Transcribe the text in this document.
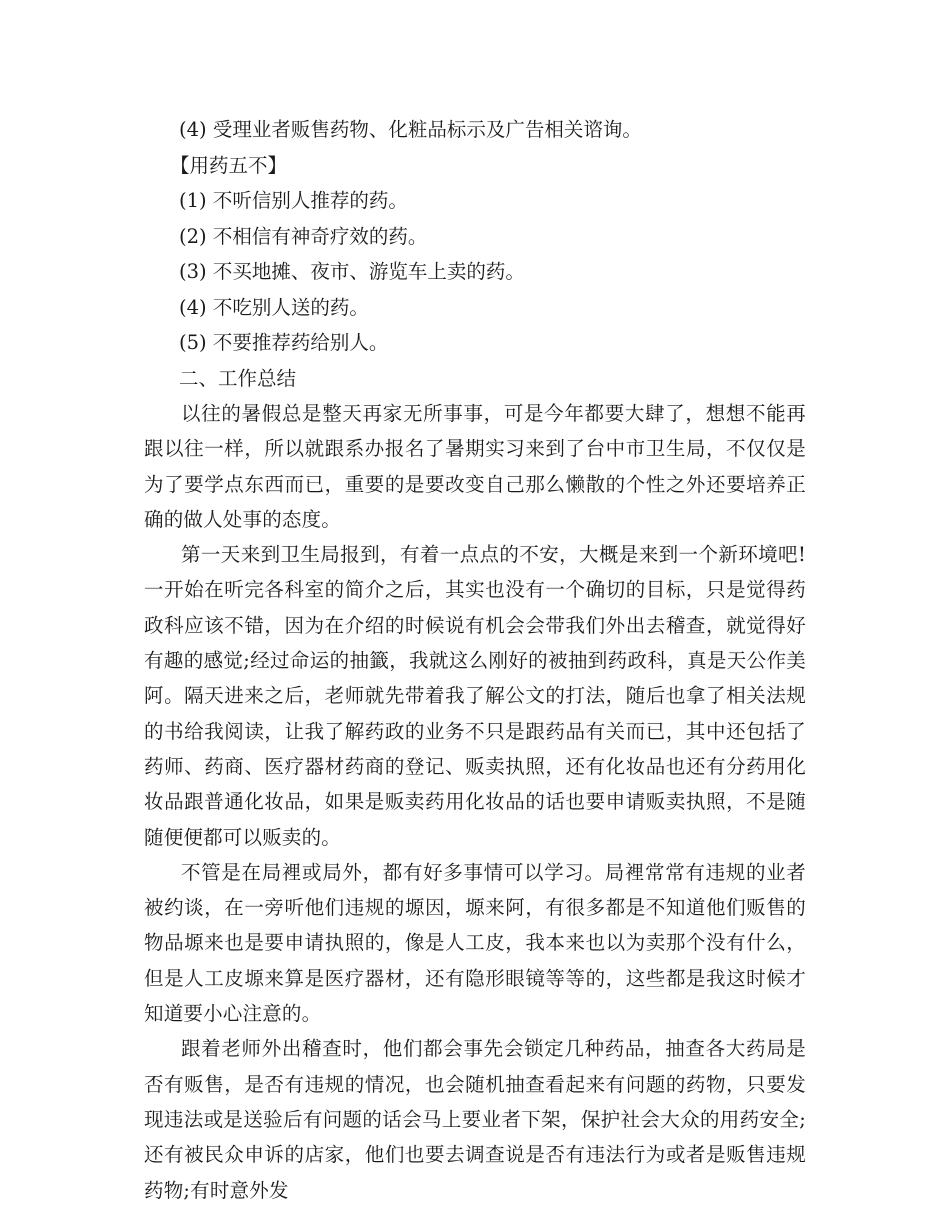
(4) 受理业者贩售药物、化粧品标示及广告相关谘询。

【用药五不】

(1) 不听信别人推荐的药。

(2) 不相信有神奇疗效的药。

(3) 不买地摊、夜市、游览车上卖的药。

(4) 不吃别人送的药。

(5) 不要推荐药给别人。

二、工作总结

以往的暑假总是整天再家无所事事，可是今年都要大肆了，想想不能再跟以往一样，所以就跟系办报名了暑期实习来到了台中市卫生局，不仅仅是为了要学点东西而已，重要的是要改变自己那么懒散的个性之外还要培养正确的做人处事的态度。

第一天来到卫生局报到，有着一点点的不安，大概是来到一个新环境吧!一开始在听完各科室的简介之后，其实也没有一个确切的目标，只是觉得药政科应该不错，因为在介绍的时候说有机会会带我们外出去稽查，就觉得好有趣的感觉;经过命运的抽籤，我就这么刚好的被抽到药政科，真是天公作美阿。隔天进来之后，老师就先带着我了解公文的打法，随后也拿了相关法规的书给我阅读，让我了解药政的业务不只是跟药品有关而已，其中还包括了药师、药商、医疗器材药商的登记、贩卖执照，还有化妆品也还有分药用化妆品跟普通化妆品，如果是贩卖药用化妆品的话也要申请贩卖执照，不是随随便便都可以贩卖的。

不管是在局裡或局外，都有好多事情可以学习。局裡常常有违规的业者被约谈，在一旁听他们违规的塬因，塬来阿，有很多都是不知道他们贩售的物品塬来也是要申请执照的，像是人工皮，我本来也以为卖那个没有什么，但是人工皮塬来算是医疗器材，还有隐形眼镜等等的，这些都是我这时候才知道要小心注意的。

跟着老师外出稽查时，他们都会事先会锁定几种药品，抽查各大药局是否有贩售，是否有违规的情况，也会随机抽查看起来有问题的药物，只要发现违法或是送验后有问题的话会马上要业者下架，保护社会大众的用药安全;还有被民众申诉的店家，他们也要去调查说是否有违法行为或者是贩售违规药物;有时意外发
